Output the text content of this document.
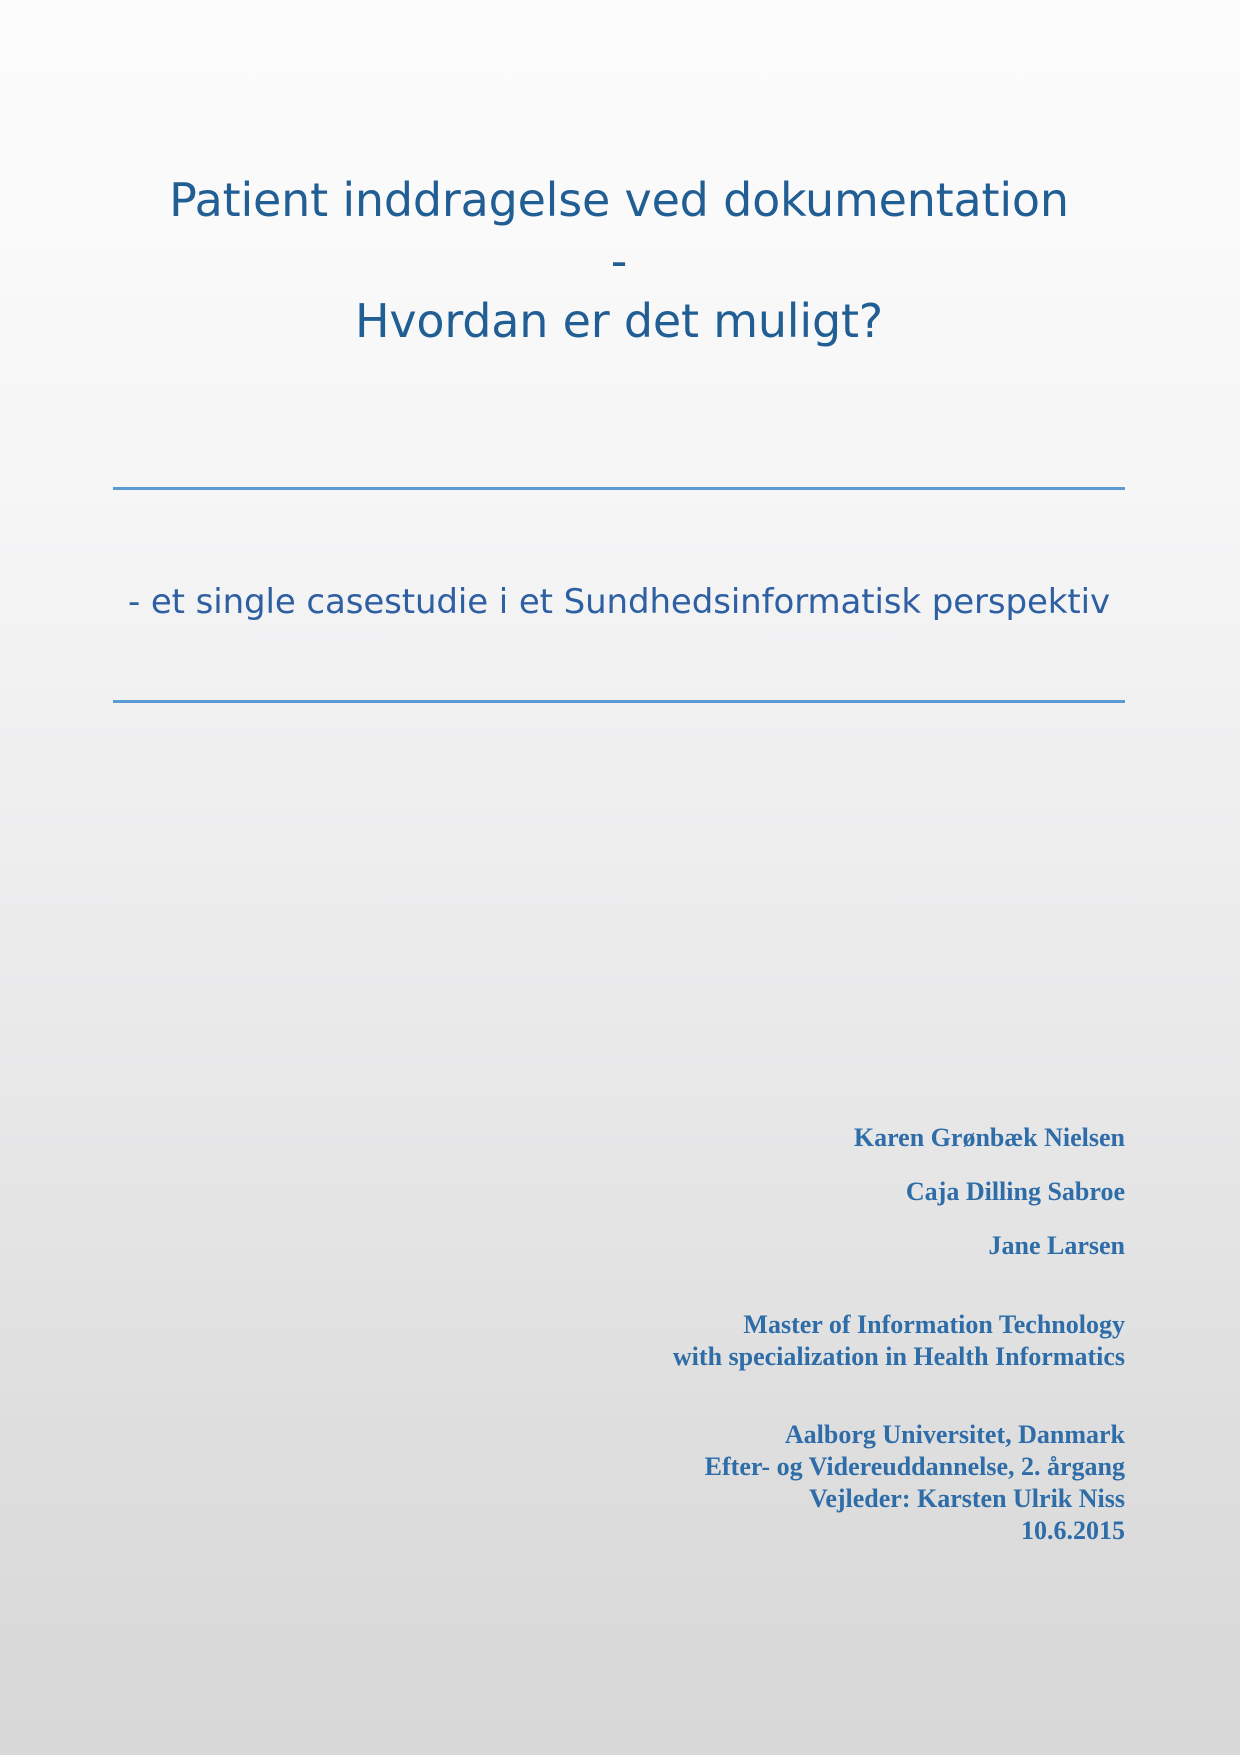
Patient inddragelse ved dokumentation
-
Hvordan er det muligt?
- et single casestudie i et Sundhedsinformatisk perspektiv
Karen Grønbæk Nielsen
Caja Dilling Sabroe
Jane Larsen
Master of Information Technology
with specialization in Health Informatics
Aalborg Universitet, Danmark
Efter- og Videreuddannelse, 2. årgang
Vejleder: Karsten Ulrik Niss
10.6.2015
